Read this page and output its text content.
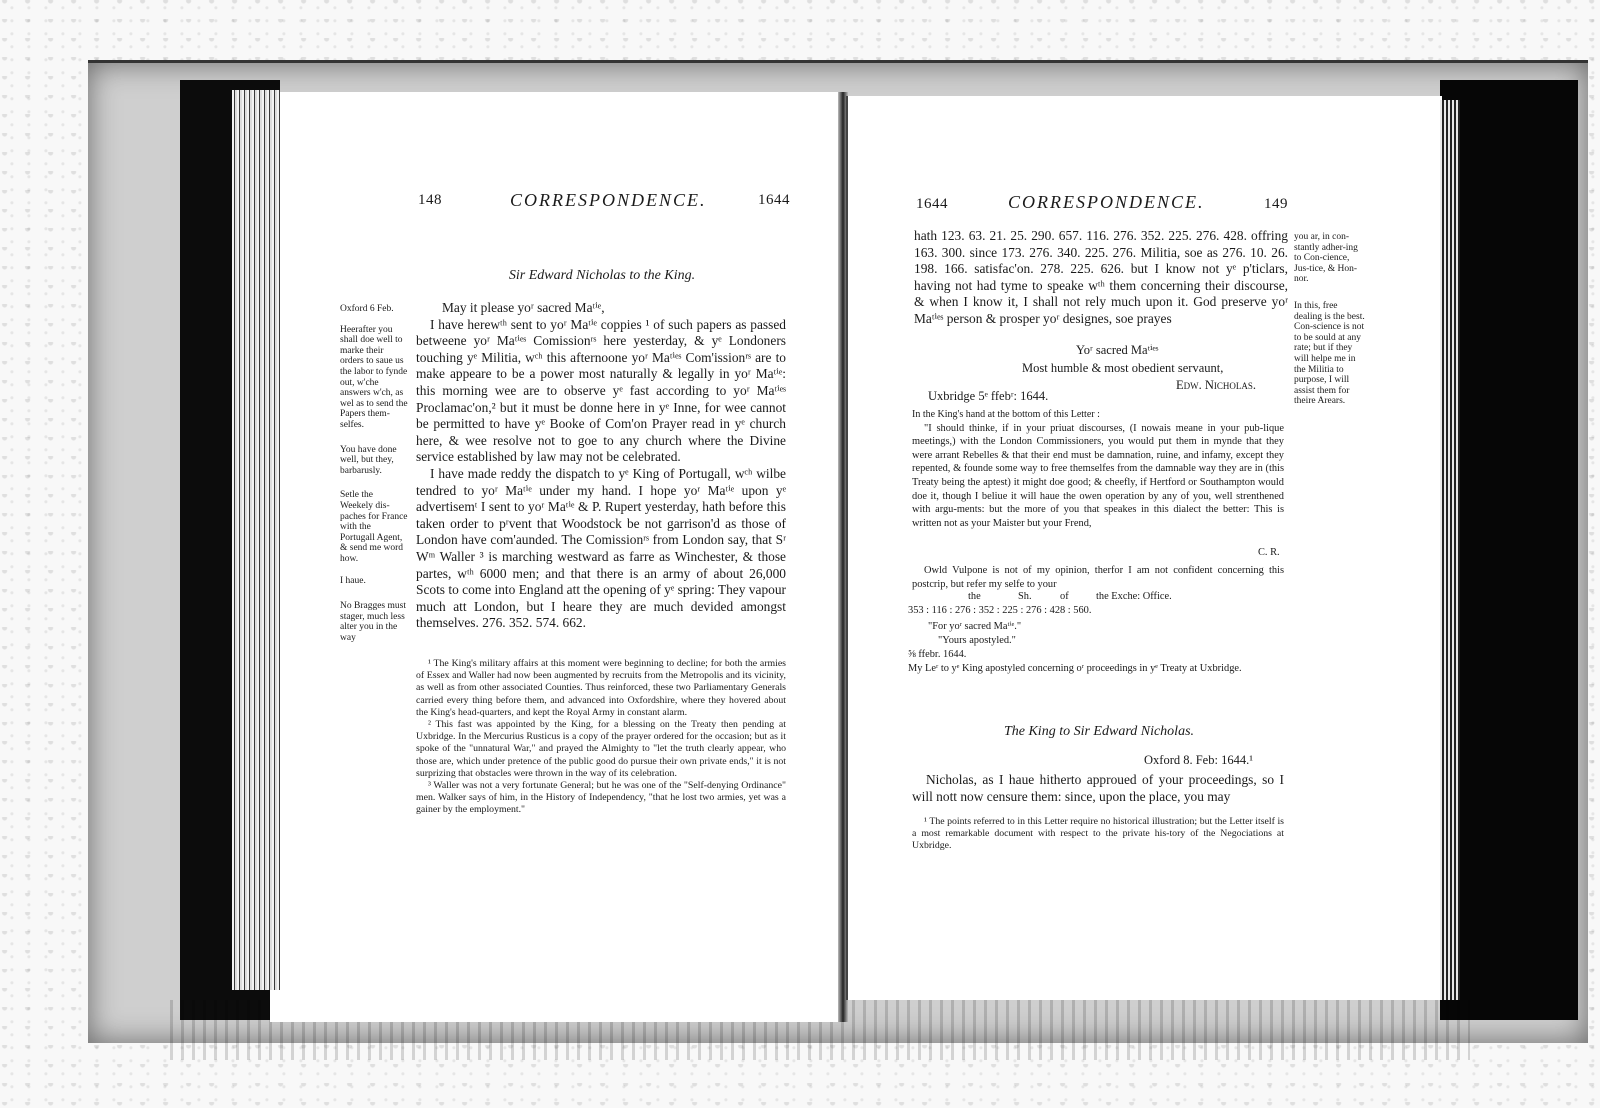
148	CORRESPONDENCE.	1644
Sir Edward Nicholas to the King.

Oxford 6 Feb.

Heerafter you shall doe well to marke their orders to saue us the labor to fynde out, w'che answers w'ch, as wel as to send the Papers them-selfes.

You have done well, but they, barbarusly.

Setle the Weekely dis-paches for France with the Portugall Agent, & send me word how.

I haue.

No Bragges must stager, much less alter you in the way

May it please yoʳ sacred Maᵗⁱᵉ,

I have herewᵗʰ sent to yoʳ Maᵗⁱᵉ coppies ¹ of such papers as passed betweene yoʳ Maᵗⁱᵉˢ Comissionʳˢ here yesterday, & yᵉ Londoners touching yᵉ Militia, wᶜʰ this afternoone yoʳ Maᵗⁱᵉˢ Com'issionʳˢ are to make appeare to be a power most naturally & legally in yoʳ Maᵗⁱᵉ: this morning wee are to observe yᵉ fast according to yoʳ Maᵗⁱᵉˢ Proclamac'on,² but it must be donne here in yᵉ Inne, for wee cannot be permitted to have yᵉ Booke of Com'on Prayer read in yᵉ church here, & wee resolve not to goe to any church where the Divine service established by law may not be celebrated.

I have made reddy the dispatch to yᵉ King of Portugall, wᶜʰ wilbe tendred to yoʳ Maᵗⁱᵉ under my hand. I hope yoʳ Maᵗⁱᵉ upon yᵉ advertisemᵗ I sent to yoʳ Maᵗⁱᵉ & P. Rupert yesterday, hath before this taken order to pʳvent that Woodstock be not garrison'd as those of London have com'aunded. The Comissionʳˢ from London say, that Sʳ Wᵐ Waller ³ is marching westward as farre as Winchester, & those partes, wᵗʰ 6000 men; and that there is an army of about 26,000 Scots to come into England att the opening of yᵉ spring: They vapour much att London, but I heare they are much devided amongst themselves. 276. 352. 574. 662.

¹ The King's military affairs at this moment were beginning to decline; for both the armies of Essex and Waller had now been augmented by recruits from the Metropolis and its vicinity, as well as from other associated Counties. Thus reinforced, these two Parliamentary Generals carried every thing before them, and advanced into Oxfordshire, where they hovered about the King's head-quarters, and kept the Royal Army in constant alarm.

² This fast was appointed by the King, for a blessing on the Treaty then pending at Uxbridge. In the Mercurius Rusticus is a copy of the prayer ordered for the occasion; but as it spoke of the "unnatural War," and prayed the Almighty to "let the truth clearly appear, who those are, which under pretence of the public good do pursue their own private ends," it is not surprizing that obstacles were thrown in the way of its celebration.

³ Waller was not a very fortunate General; but he was one of the "Self-denying Ordinance" men. Walker says of him, in the History of Independency, "that he lost two armies, yet was a gainer by the employment."

1644	CORRESPONDENCE.	149

hath 123. 63. 21. 25. 290. 657. 116. 276. 352. 225. 276. 428. offring 163. 300. since 173. 276. 340. 225. 276. Militia, soe as 276. 10. 26. 198. 166. satisfac'on. 278. 225. 626. but I know not yᵉ p'ticlars, having not had tyme to speake wᵗʰ them concerning their discourse, & when I know it, I shall not rely much upon it. God preserve yoʳ Maᵗⁱᵉˢ person & prosper yoʳ designes, soe prayes

Yoʳ sacred Maᵗⁱᵉˢ
Most humble & most obedient servaunt,
Edw. Nicholas.
Uxbridge 5ᵉ ffebʳ: 1644.

In the King's hand at the bottom of this Letter :

"I should thinke, if in your priuat discourses, (I nowais meane in your pub-lique meetings,) with the London Commissioners, you would put them in mynde that they were arrant Rebelles & that their end must be damnation, ruine, and infamy, except they repented, & founde some way to free themselfes from the damnable way they are in (this Treaty being the aptest) it might doe good; & cheefly, if Hertford or Southampton would doe it, though I beliue it will haue the owen operation by any of you, well strenthened with argu-ments: but the more of you that speakes in this dialect the better: This is written not as your Maister but your Frend,

C. R.

Owld Vulpone is not of my opinion, therfor I am not confident concerning this postcrip, but refer my selfe to your

the	Sh.	of	the Exche: Office.
353 : 116 : 276 : 352 : 225 : 276 : 428 : 560.
"For yoʳ sacred Maᵗⁱᵉ."
"Yours apostyled."
⅝ ffebr. 1644.
My Leʳ to yᵉ King apostyled concerning oʳ proceedings in yᵉ Treaty at Uxbridge.

you ar, in con-stantly adher-ing to Con-cience, Jus-tice, & Hon-nor.

In this, free dealing is the best. Con-science is not to be sould at any rate; but if they will helpe me in the Militia to purpose, I will assist them for theire Arears.

The King to Sir Edward Nicholas.
Oxford 8. Feb: 1644.¹

Nicholas, as I haue hitherto approued of your proceedings, so I will nott now censure them: since, upon the place, you may

¹ The points referred to in this Letter require no historical illustration; but the Letter itself is a most remarkable document with respect to the private his-tory of the Negociations at Uxbridge.
